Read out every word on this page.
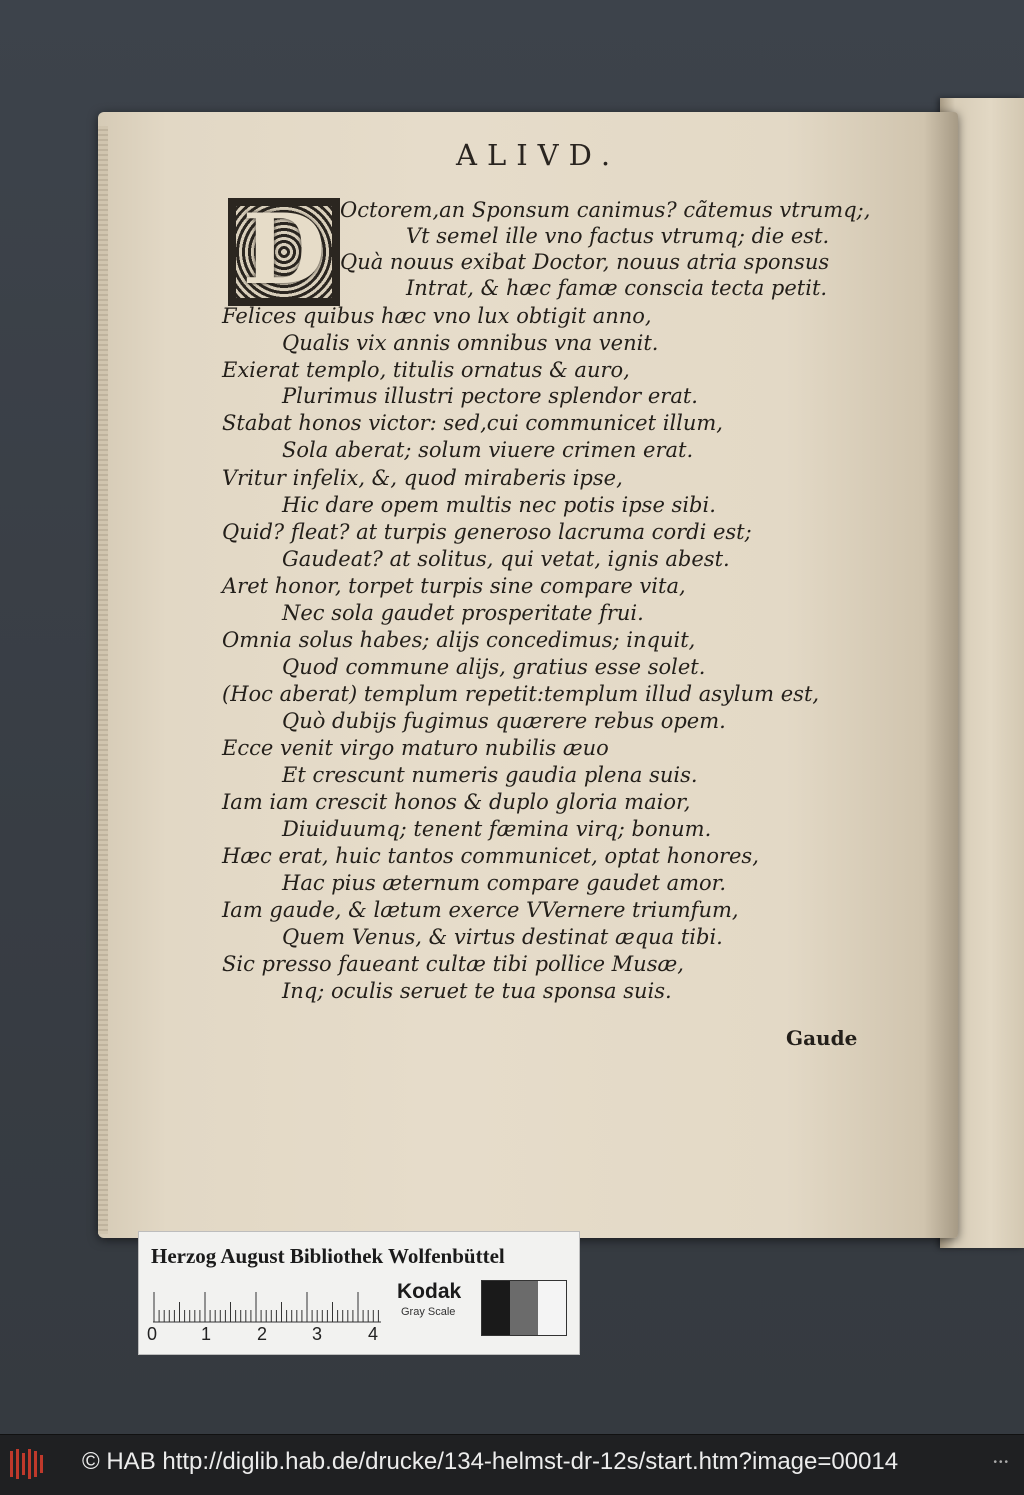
ALIVD.
D Octorem,an Sponsum canimus? cãtemus vtrumq;,
Vt semel ille vno factus vtrumq; die est.
Quà nouus exibat Doctor, nouus atria sponsus
Intrat, & hæc famæ conscia tecta petit.
Felices quibus hæc vno lux obtigit anno,
Qualis vix annis omnibus vna venit.
Exierat templo, titulis ornatus & auro,
Plurimus illustri pectore splendor erat.
Stabat honos victor: sed,cui communicet illum,
Sola aberat; solum viuere crimen erat.
Vritur infelix, &, quod miraberis ipse,
Hic dare opem multis nec potis ipse sibi.
Quid? fleat? at turpis generoso lacruma cordi est;
Gaudeat? at solitus, qui vetat, ignis abest.
Aret honor, torpet turpis sine compare vita,
Nec sola gaudet prosperitate frui.
Omnia solus habes; alijs concedimus; inquit,
Quod commune alijs, gratius esse solet.
(Hoc aberat) templum repetit:templum illud asylum est,
Quò dubijs fugimus quærere rebus opem.
Ecce venit virgo maturo nubilis æuo
Et crescunt numeris gaudia plena suis.
Iam iam crescit honos & duplo gloria maior,
Diuiduumq; tenent fæmina virq; bonum.
Hæc erat, huic tantos communicet, optat honores,
Hac pius æternum compare gaudet amor.
Iam gaude, & lætum exerce VVernere triumfum,
Quem Venus, & virtus destinat æqua tibi.
Sic presso faueant cultæ tibi pollice Musæ,
Inq; oculis seruet te tua sponsa suis.
Gaude
Herzog August Bibliothek Wolfenbüttel
0 1	2 3	4
Kodak
Gray Scale
© HAB http://diglib.hab.de/drucke/134-helmst-dr-12s/start.htm?image=00014	•••
